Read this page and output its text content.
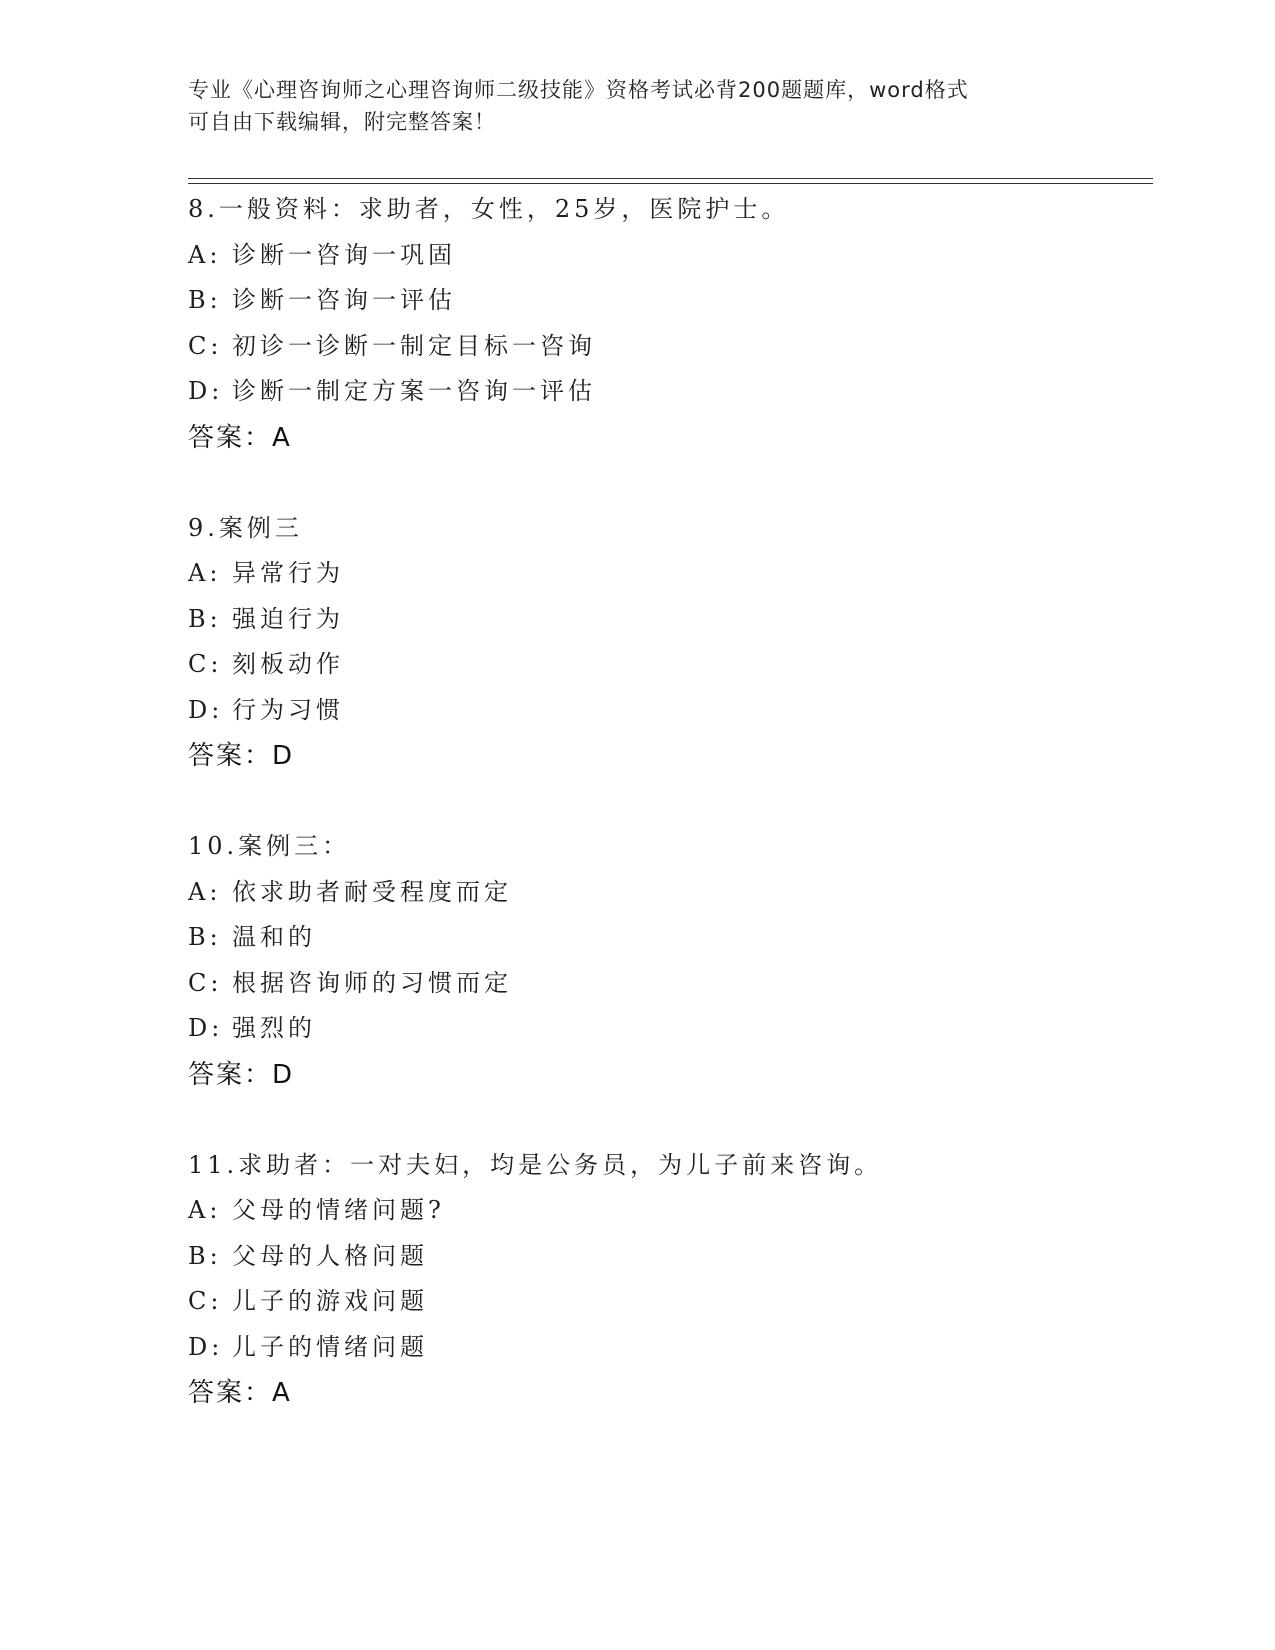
专业《心理咨询师之心理咨询师二级技能》资格考试必背200题题库，word格式
可自由下载编辑，附完整答案！
8.一般资料：求助者，女性，25岁，医院护士。
A: 诊断一咨询一巩固
B: 诊断一咨询一评估
C: 初诊一诊断一制定目标一咨询
D: 诊断一制定方案一咨询一评估
答案：A
9.案例三
A: 异常行为
B: 强迫行为
C: 刻板动作
D: 行为习惯
答案：D
10.案例三：
A: 依求助者耐受程度而定
B: 温和的
C: 根据咨询师的习惯而定
D: 强烈的
答案：D
11.求助者：一对夫妇，均是公务员，为儿子前来咨询。
A: 父母的情绪问题?
B: 父母的人格问题
C: 儿子的游戏问题
D: 儿子的情绪问题
答案：A
